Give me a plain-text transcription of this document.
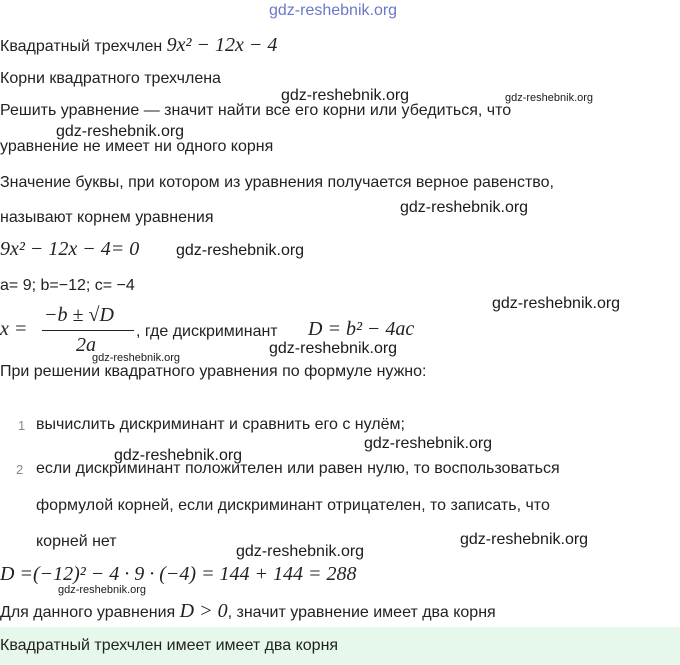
gdz-reshebnik.org
gdz-reshebnik.org	gdz-reshebnik.org
gdz-reshebnik.org
gdz-reshebnik.org
gdz-reshebnik.org
gdz-reshebnik.org
gdz-reshebnik.org
gdz-reshebnik.org
gdz-reshebnik.org
gdz-reshebnik.org
gdz-reshebnik.org
gdz-reshebnik.org
gdz-reshebnik.org
Квадратный трехчлен 9x² − 12x − 4
Корни квадратного трехчлена
Решить уравнение — значит найти все его корни или убедиться, что
уравнение не имеет ни одного корня
Значение буквы, при котором из уравнения получается верное равенство,
называют корнем уравнения
9x² − 12x − 4= 0
a= 9; b=−12; c= −4
x =
−b ± √D
2a
, где дискриминант D = b² − 4ac
При решении квадратного уравнения по формуле нужно:
1 вычислить дискриминант и сравнить его с нулём;
2 если дискриминант положителен или равен нулю, то воспользоваться
формулой корней, если дискриминант отрицателен, то записать, что
корней нет
D =(−12)² − 4 · 9 · (−4) = 144 + 144 = 288
Для данного уравнения D > 0, значит уравнение имеет два корня
Квадратный трехчлен имеет имеет два корня
